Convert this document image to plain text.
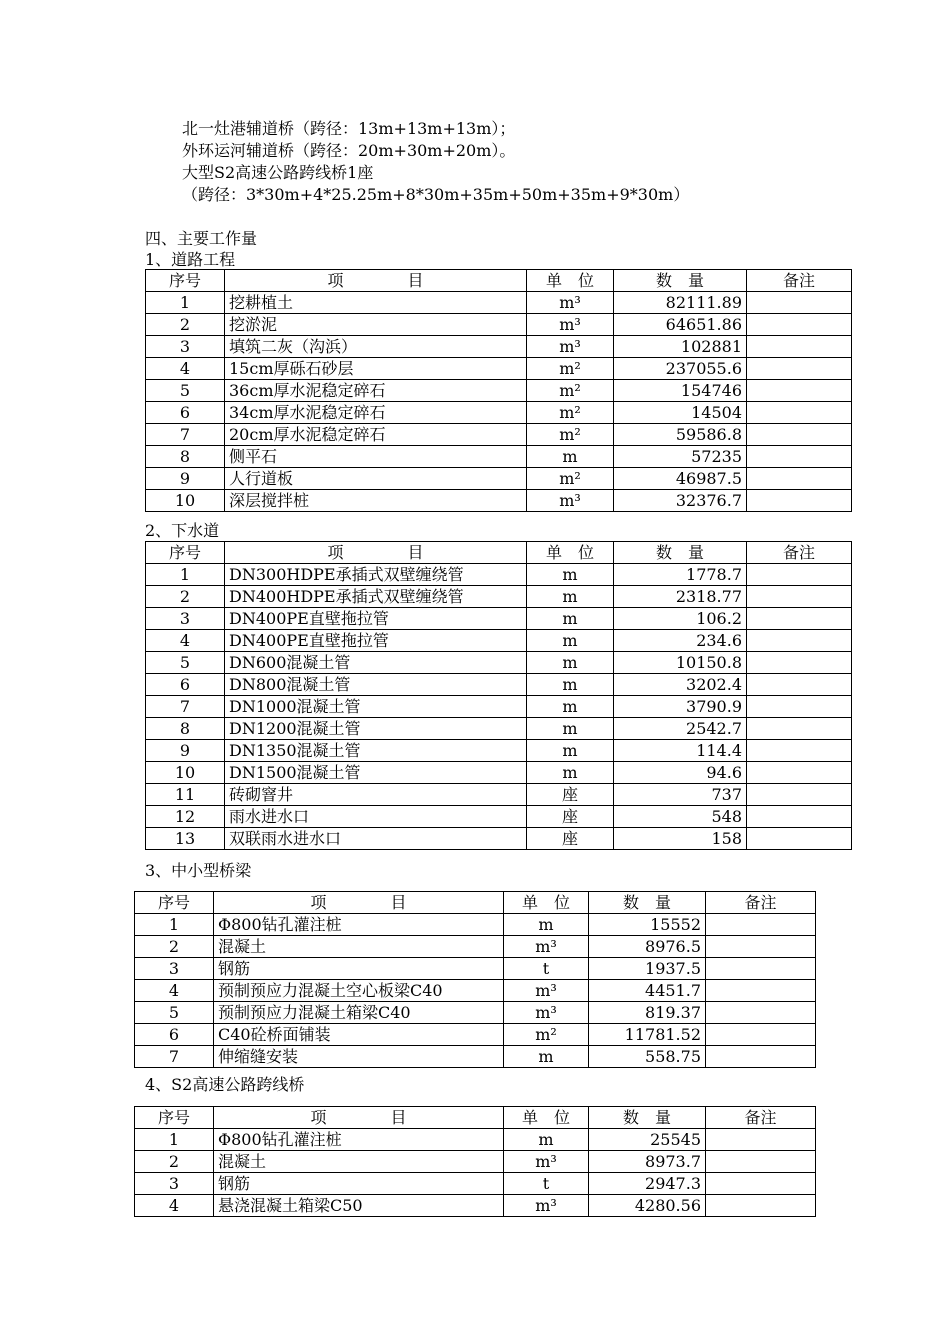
北一灶港辅道桥（跨径：13m+13m+13m）；
外环运河辅道桥（跨径：20m+30m+20m）。
大型S2高速公路跨线桥1座
（跨径：3*30m+4*25.25m+8*30m+35m+50m+35m+9*30m）
四、主要工作量
1、道路工程
序号	项　　　　目	单　位	数　量	备注
1	挖耕植土	m³	82111.89	
2	挖淤泥	m³	64651.86	
3	填筑二灰（沟浜）	m³	102881	
4	15cm厚砾石砂层	m²	237055.6	
5	36cm厚水泥稳定碎石	m²	154746	
6	34cm厚水泥稳定碎石	m²	14504	
7	20cm厚水泥稳定碎石	m²	59586.8	
8	侧平石	m	57235	
9	人行道板	m²	46987.5	
10	深层搅拌桩	m³	32376.7	
2、下水道
序号	项　　　　目	单　位	数　量	备注
1	DN300HDPE承插式双壁缠绕管	m	1778.7	
2	DN400HDPE承插式双壁缠绕管	m	2318.77	
3	DN400PE直壁拖拉管	m	106.2	
4	DN400PE直壁拖拉管	m	234.6	
5	DN600混凝土管	m	10150.8	
6	DN800混凝土管	m	3202.4	
7	DN1000混凝土管	m	3790.9	
8	DN1200混凝土管	m	2542.7	
9	DN1350混凝土管	m	114.4	
10	DN1500混凝土管	m	94.6	
11	砖砌窨井	座	737	
12	雨水进水口	座	548	
13	双联雨水进水口	座	158	
3、中小型桥梁
序号	项　　　　目	单　位	数　量	备注
1	Φ800钻孔灌注桩	m	15552	
2	混凝土	m³	8976.5	
3	钢筋	t	1937.5	
4	预制预应力混凝土空心板梁C40	m³	4451.7	
5	预制预应力混凝土箱梁C40	m³	819.37	
6	C40砼桥面铺装	m²	11781.52	
7	伸缩缝安装	m	558.75	
4、S2高速公路跨线桥
序号	项　　　　目	单　位	数　量	备注
1	Φ800钻孔灌注桩	m	25545	
2	混凝土	m³	8973.7	
3	钢筋	t	2947.3	
4	悬浇混凝土箱梁C50	m³	4280.56	
